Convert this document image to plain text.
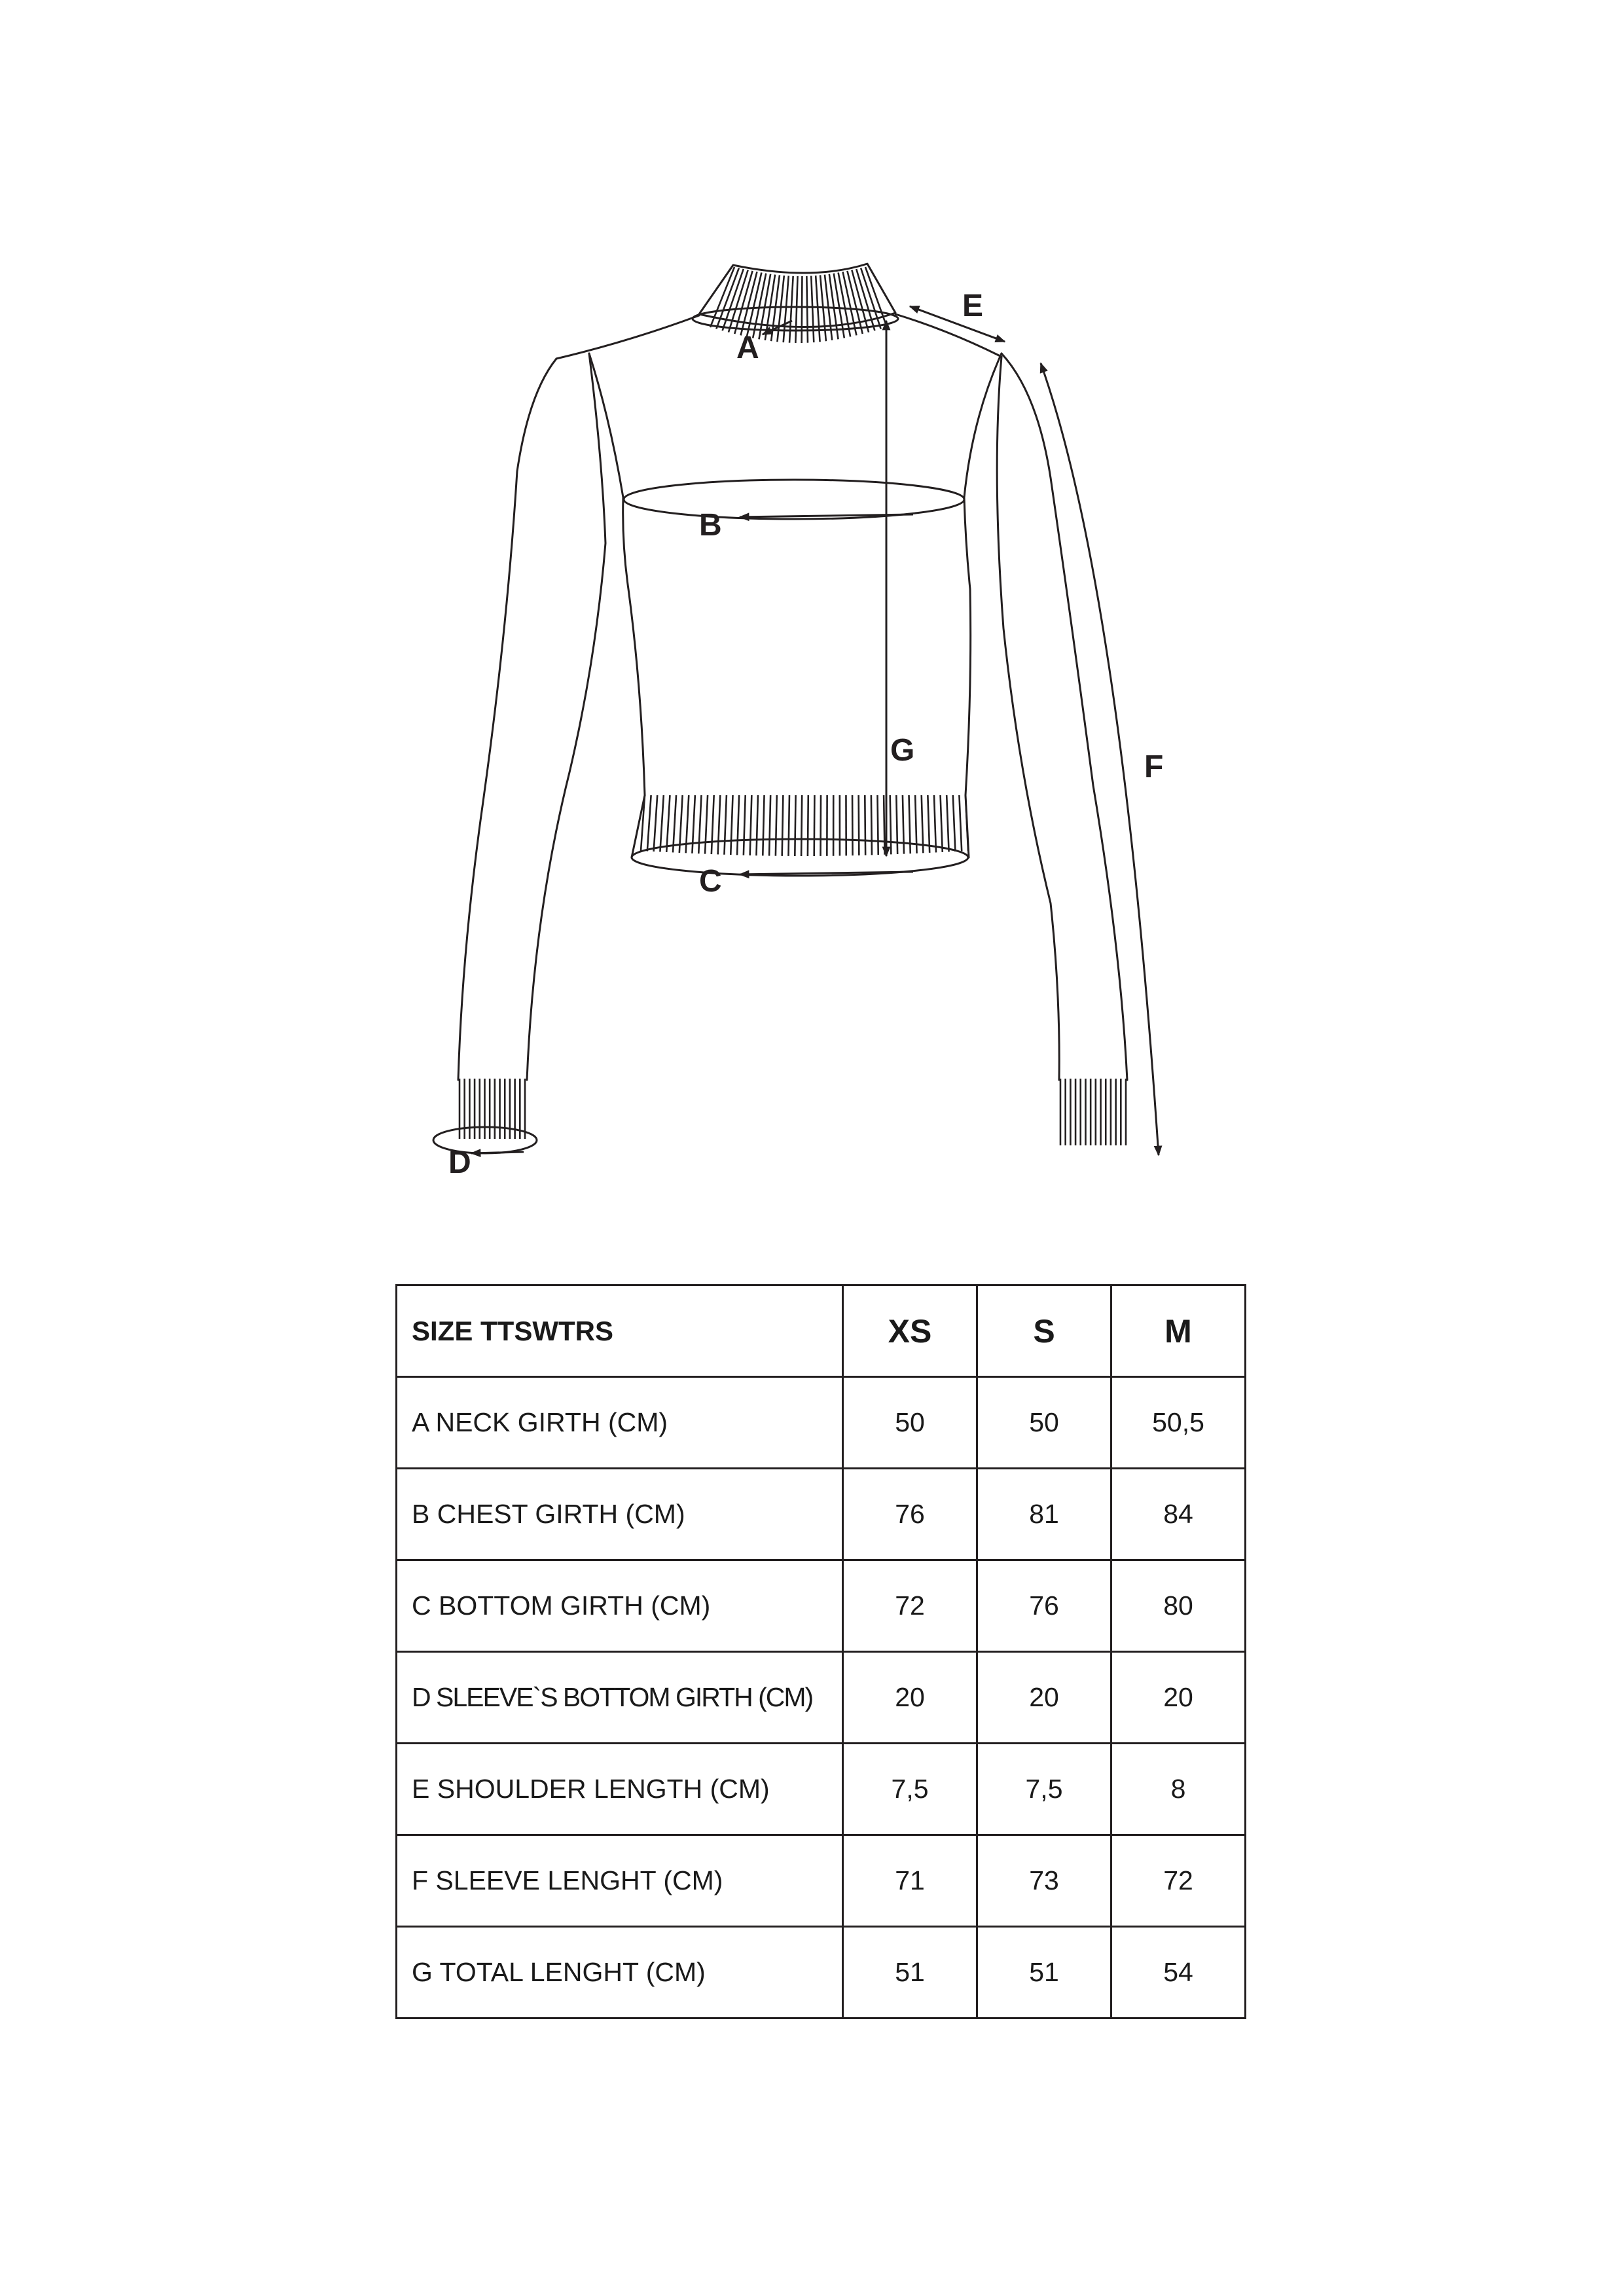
A
B
C
D
E
F
G
SIZE TTSWTRS	XS	S	M
A NECK GIRTH (CM)	50	50	50,5
B CHEST GIRTH (CM)	76	81	84
C BOTTOM GIRTH (CM)	72	76	80
D SLEEVE`S BOTTOM GIRTH (CM)	20	20	20
E SHOULDER LENGTH (CM)	7,5	7,5	8
F SLEEVE LENGHT (CM)	71	73	72
G TOTAL LENGHT (CM)	51	51	54
